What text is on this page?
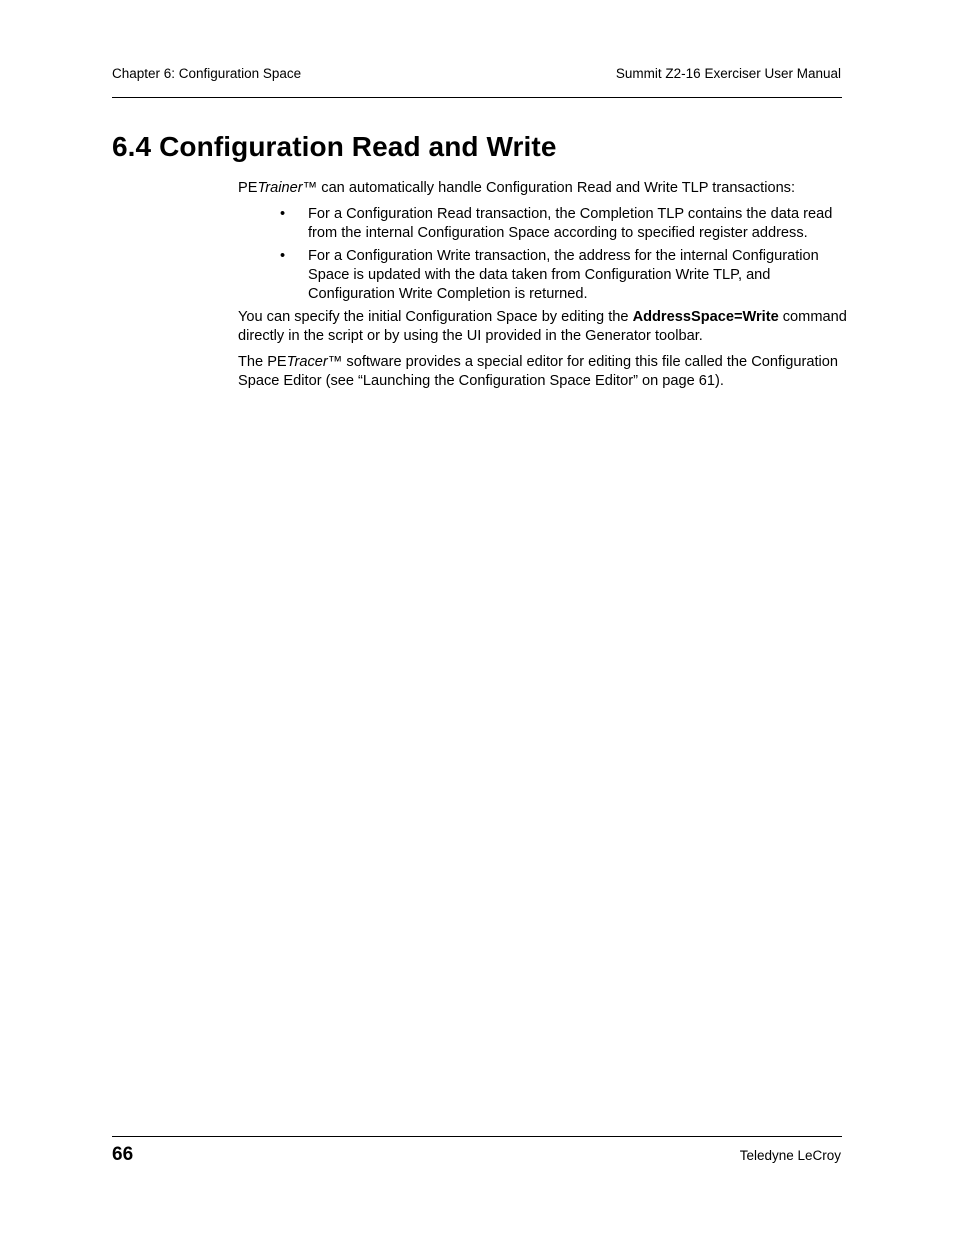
Chapter 6: Configuration Space	Summit Z2-16 Exerciser User Manual
6.4 Configuration Read and Write

PETrainer™ can automatically handle Configuration Read and Write TLP transactions:

• For a Configuration Read transaction, the Completion TLP contains the data read from the internal Configuration Space according to specified register address.
• For a Configuration Write transaction, the address for the internal Configuration Space is updated with the data taken from Configuration Write TLP, and Configuration Write Completion is returned.

You can specify the initial Configuration Space by editing the AddressSpace=Write command directly in the script or by using the UI provided in the Generator toolbar.

The PETracer™ software provides a special editor for editing this file called the Configuration Space Editor (see “Launching the Configuration Space Editor” on page 61).

66	Teledyne LeCroy
